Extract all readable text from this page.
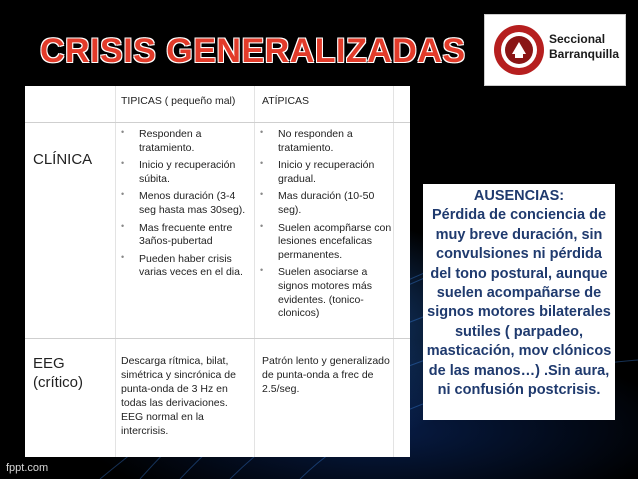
CRISIS GENERALIZADAS	Seccional
Barranquilla
TIPICAS ( pequeño mal)	ATÍPICAS
CLÍNICA
• Responden a tratamiento.
• Inicio y recuperación súbita.
• Menos duración (3-4 seg hasta mas 30seg).
• Mas frecuente entre 3años-pubertad
• Pueden haber crisis varias veces en el dia.
• No responden a tratamiento.
• Inicio y recuperación gradual.
• Mas duración (10-50 seg).
• Suelen acompñarse con lesiones encefalicas permanentes.
• Suelen asociarse a signos motores más evidentes. (tonico-clonicos)
EEG (crítico)
Descarga rítmica, bilat, simétrica y sincrónica de punta-onda de 3 Hz en todas las derivaciones. EEG normal en la intercrisis.
Patrón lento y generalizado de punta-onda a frec de 2.5/seg.
AUSENCIAS:
Pérdida de conciencia de muy breve duración, sin convulsiones ni pérdida del tono postural, aunque suelen acompañarse de signos motores bilaterales sutiles ( parpadeo, masticación, mov clónicos de las manos…) .Sin aura, ni confusión postcrisis.
fppt.com
